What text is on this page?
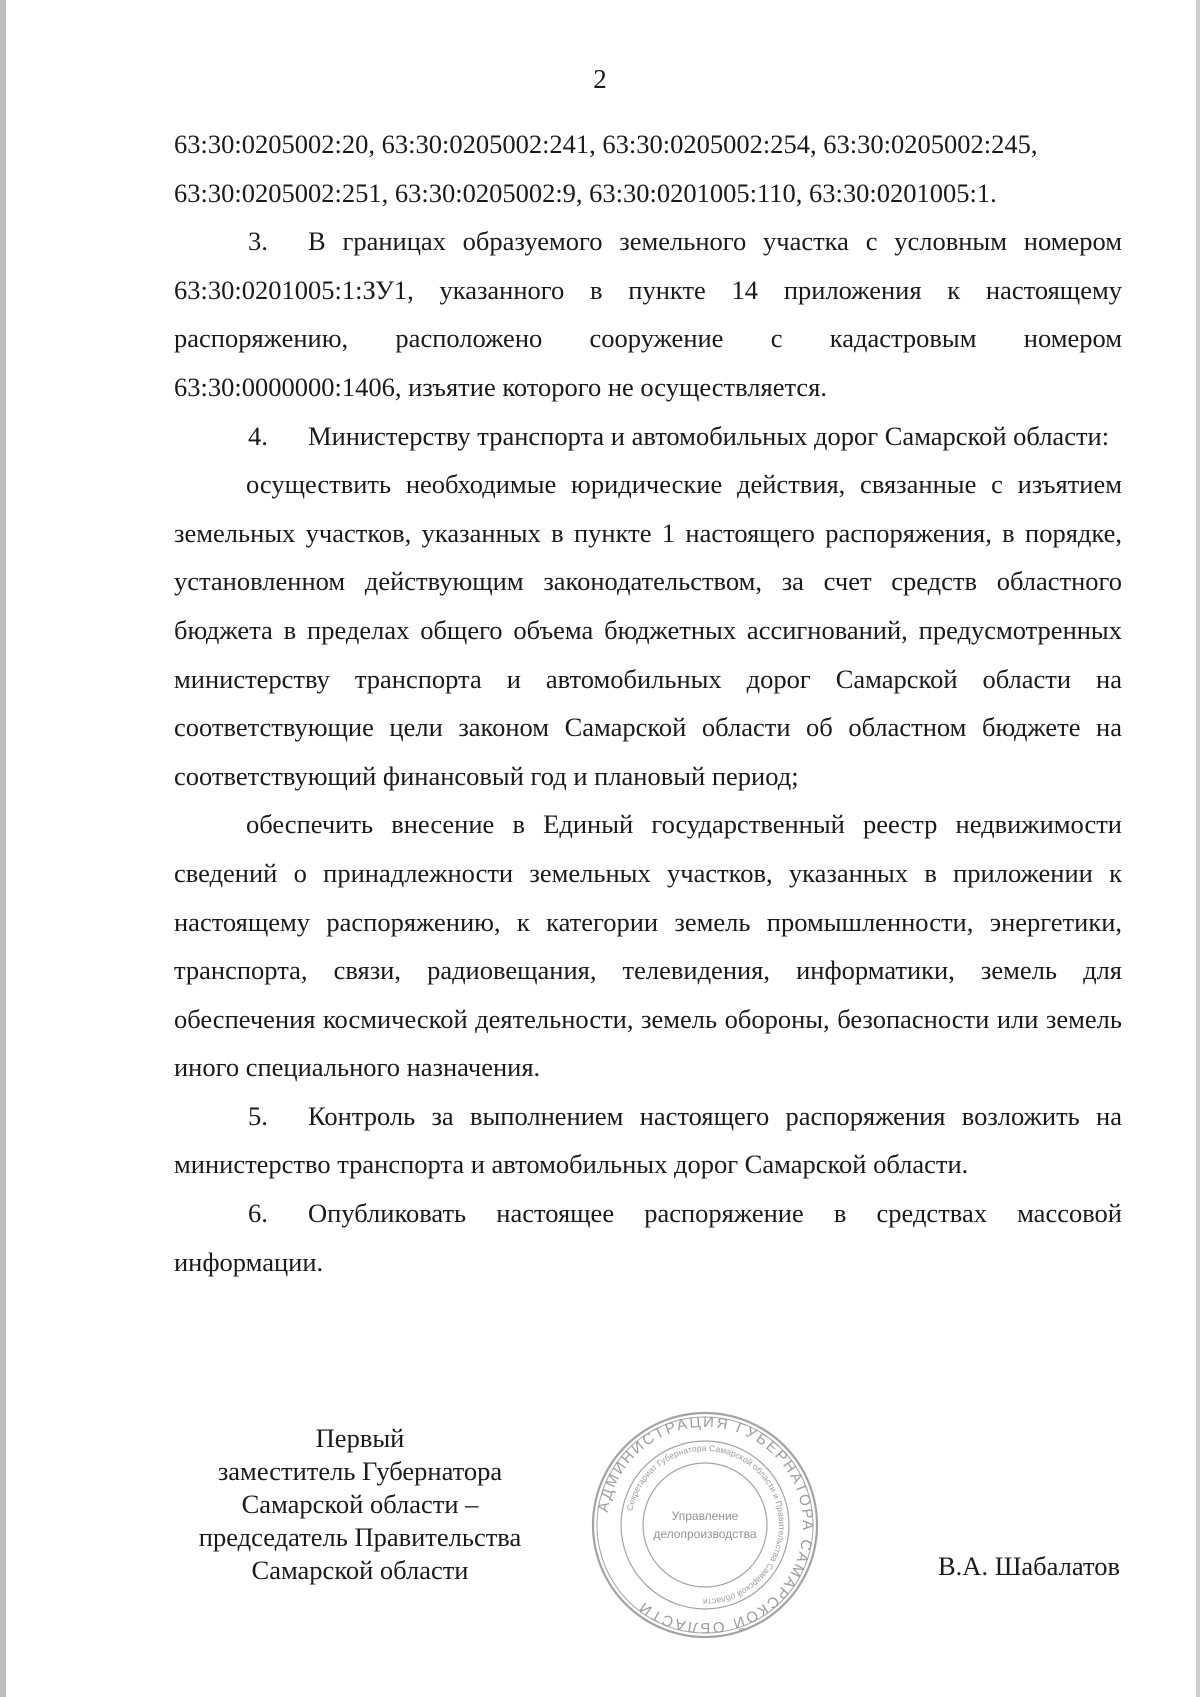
2

63:30:0205002:20, 63:30:0205002:241, 63:30:0205002:254, 63:30:0205002:245,

63:30:0205002:251, 63:30:0205002:9, 63:30:0201005:110, 63:30:0201005:1.

3. В границах образуемого земельного участка с условным номером 63:30:0201005:1:ЗУ1, указанного в пункте 14 приложения к настоящему распоряжению, расположено сооружение с кадастровым номером 63:30:0000000:1406, изъятие которого не осуществляется.

4. Министерству транспорта и автомобильных дорог Самарской области:

осуществить необходимые юридические действия, связанные с изъятием земельных участков, указанных в пункте 1 настоящего распоряжения, в порядке, установленном действующим законодательством, за счет средств областного бюджета в пределах общего объема бюджетных ассигнований, предусмотренных министерству транспорта и автомобильных дорог Самарской области на соответствующие цели законом Самарской области об областном бюджете на соответствующий финансовый год и плановый период;

обеспечить внесение в Единый государственный реестр недвижимости сведений о принадлежности земельных участков, указанных в приложении к настоящему распоряжению, к категории земель промышленности, энергетики, транспорта, связи, радиовещания, телевидения, информатики, земель для обеспечения космической деятельности, земель обороны, безопасности или земель иного специального назначения.

5. Контроль за выполнением настоящего распоряжения возложить на министерство транспорта и автомобильных дорог Самарской области.

6. Опубликовать настоящее распоряжение в средствах массовой информации.

Первый
заместитель Губернатора
Самарской области –
председатель Правительства
Самарской области
АДМИНИСТРАЦИЯ ГУБЕРНАТОРА САМАРСКОЙ ОБЛАСТИ
Секретариат Губернатора Самарской области и Правительства Самарской области
Управление
делопроизводства
В.А. Шабалатов
